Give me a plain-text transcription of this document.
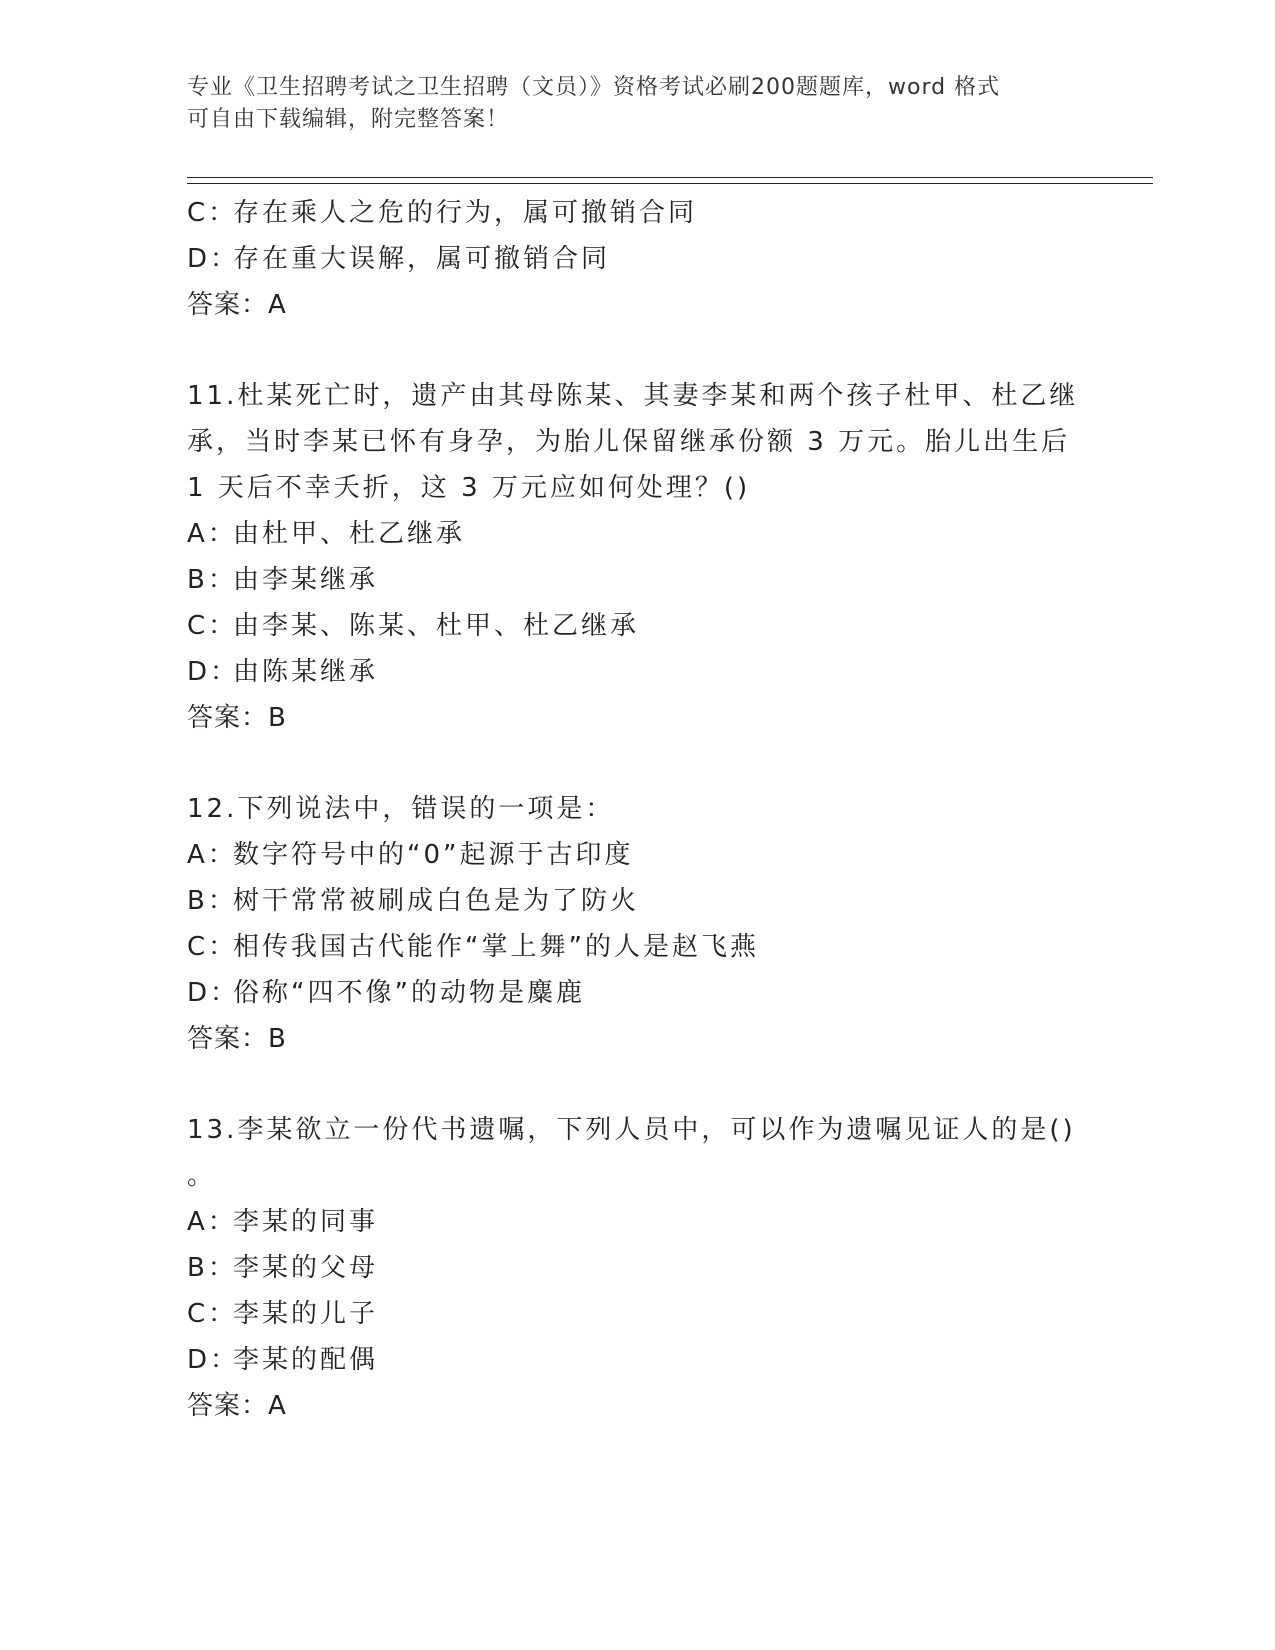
专业《卫生招聘考试之卫生招聘（文员）》资格考试必刷200题题库，word 格式
可自由下载编辑，附完整答案！
C：存在乘人之危的行为，属可撤销合同
D：存在重大误解，属可撤销合同
答案：A
11.杜某死亡时，遗产由其母陈某、其妻李某和两个孩子杜甲、杜乙继
承，当时李某已怀有身孕，为胎儿保留继承份额 3 万元。胎儿出生后
1 天后不幸夭折，这 3 万元应如何处理？()
A：由杜甲、杜乙继承
B：由李某继承
C：由李某、陈某、杜甲、杜乙继承
D：由陈某继承
答案：B
12.下列说法中，错误的一项是：
A：数字符号中的“0”起源于古印度
B：树干常常被刷成白色是为了防火
C：相传我国古代能作“掌上舞”的人是赵飞燕
D：俗称“四不像”的动物是麋鹿
答案：B
13.李某欲立一份代书遗嘱，下列人员中，可以作为遗嘱见证人的是()
。
A：李某的同事
B：李某的父母
C：李某的儿子
D：李某的配偶
答案：A
